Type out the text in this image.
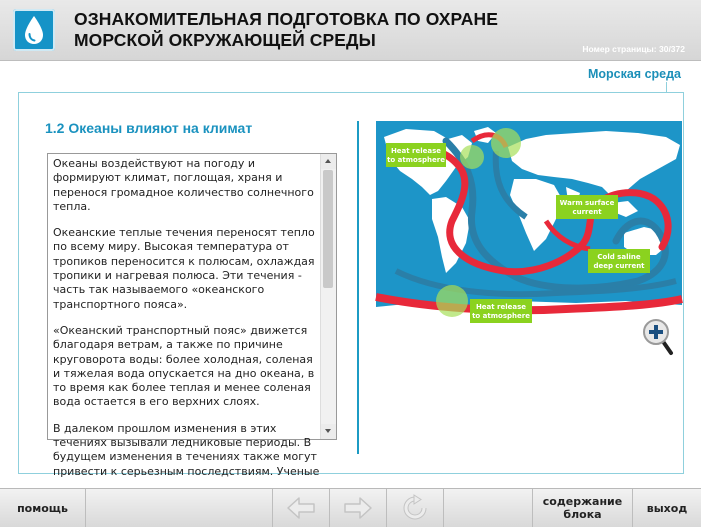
ОЗНАКОМИТЕЛЬНАЯ ПОДГОТОВКА ПО ОХРАНЕ
МОРСКОЙ ОКРУЖАЮЩЕЙ СРЕДЫ	Номер страницы: 30/372
Морская среда
1.2 Океаны влияют на климат

Океаны воздействуют на погоду и формируют климат, поглощая, храня и перенося громадное количество солнечного тепла.

Океанские теплые течения переносят тепло по всему миру. Высокая температура от тропиков переносится к полюсам, охлаждая тропики и нагревая полюса. Эти течения - часть так называемого «океанского транспортного пояса».

«Океанский транспортный пояс» движется благодаря ветрам, а также по причине круговорота воды: более холодная, соленая и тяжелая вода опускается на дно океана, в то время как более теплая и менее соленая вода остается в его верхних слоях.

В далеком прошлом изменения в этих течениях вызывали ледниковые периоды. В будущем изменения в течениях также могут привести к серьезным последствиям. Ученые

Heat release
to atmosphere
Warm surface
current
Cold saline
deep current
Heat release
to atmosphere
помощь	содержание
блока	выход
